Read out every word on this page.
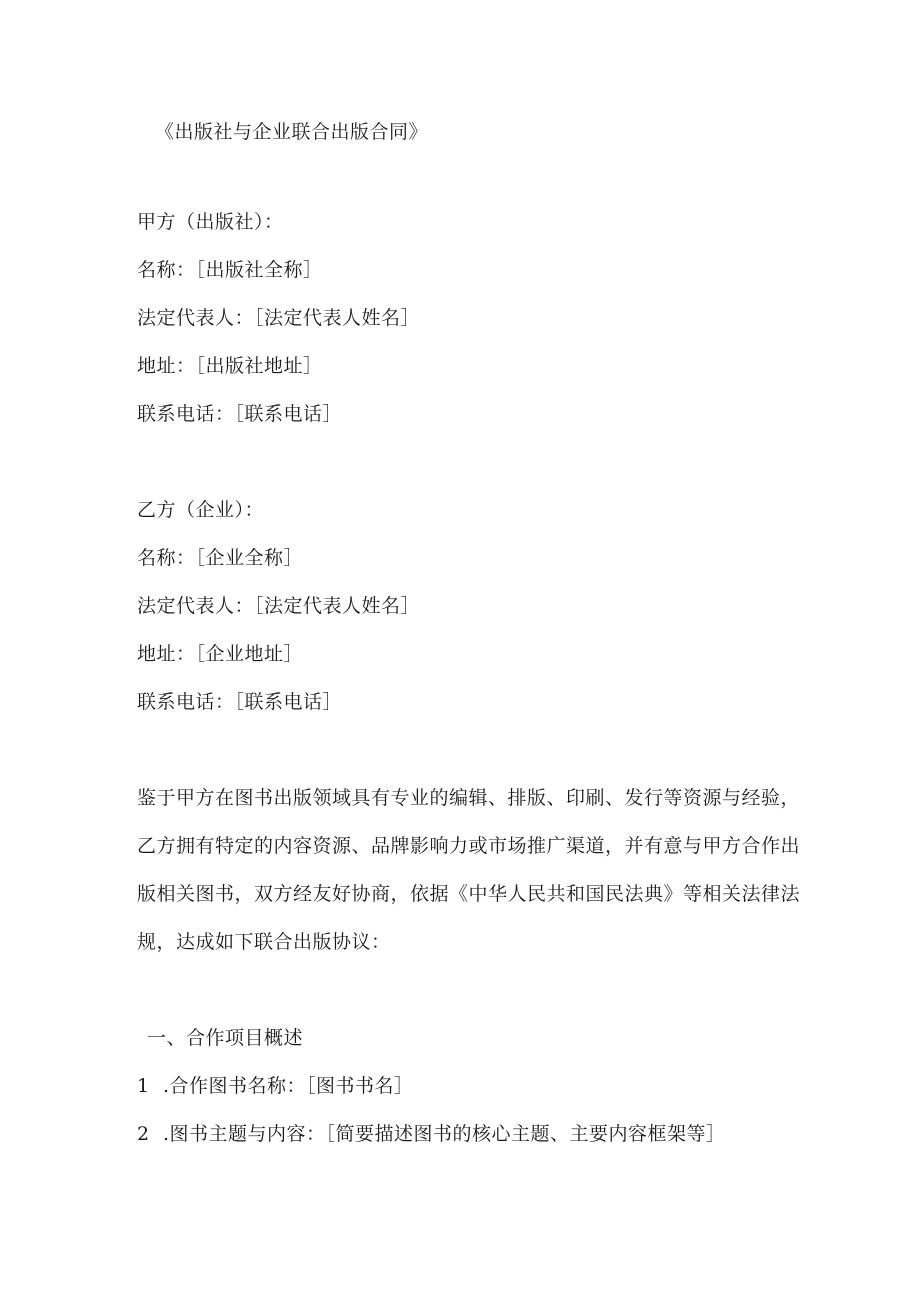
《出版社与企业联合出版合同》
甲方（出版社）：
名称：［出版社全称］
法定代表人：［法定代表人姓名］
地址：［出版社地址］
联系电话：［联系电话］
乙方（企业）：
名称：［企业全称］
法定代表人：［法定代表人姓名］
地址：［企业地址］
联系电话：［联系电话］
鉴于甲方在图书出版领域具有专业的编辑、排版、印刷、发行等资源与经验，
乙方拥有特定的内容资源、品牌影响力或市场推广渠道，并有意与甲方合作出
版相关图书，双方经友好协商，依据《中华人民共和国民法典》等相关法律法
规，达成如下联合出版协议：
一、合作项目概述
1 .合作图书名称：［图书书名］
2 .图书主题与内容：［简要描述图书的核心主题、主要内容框架等］
